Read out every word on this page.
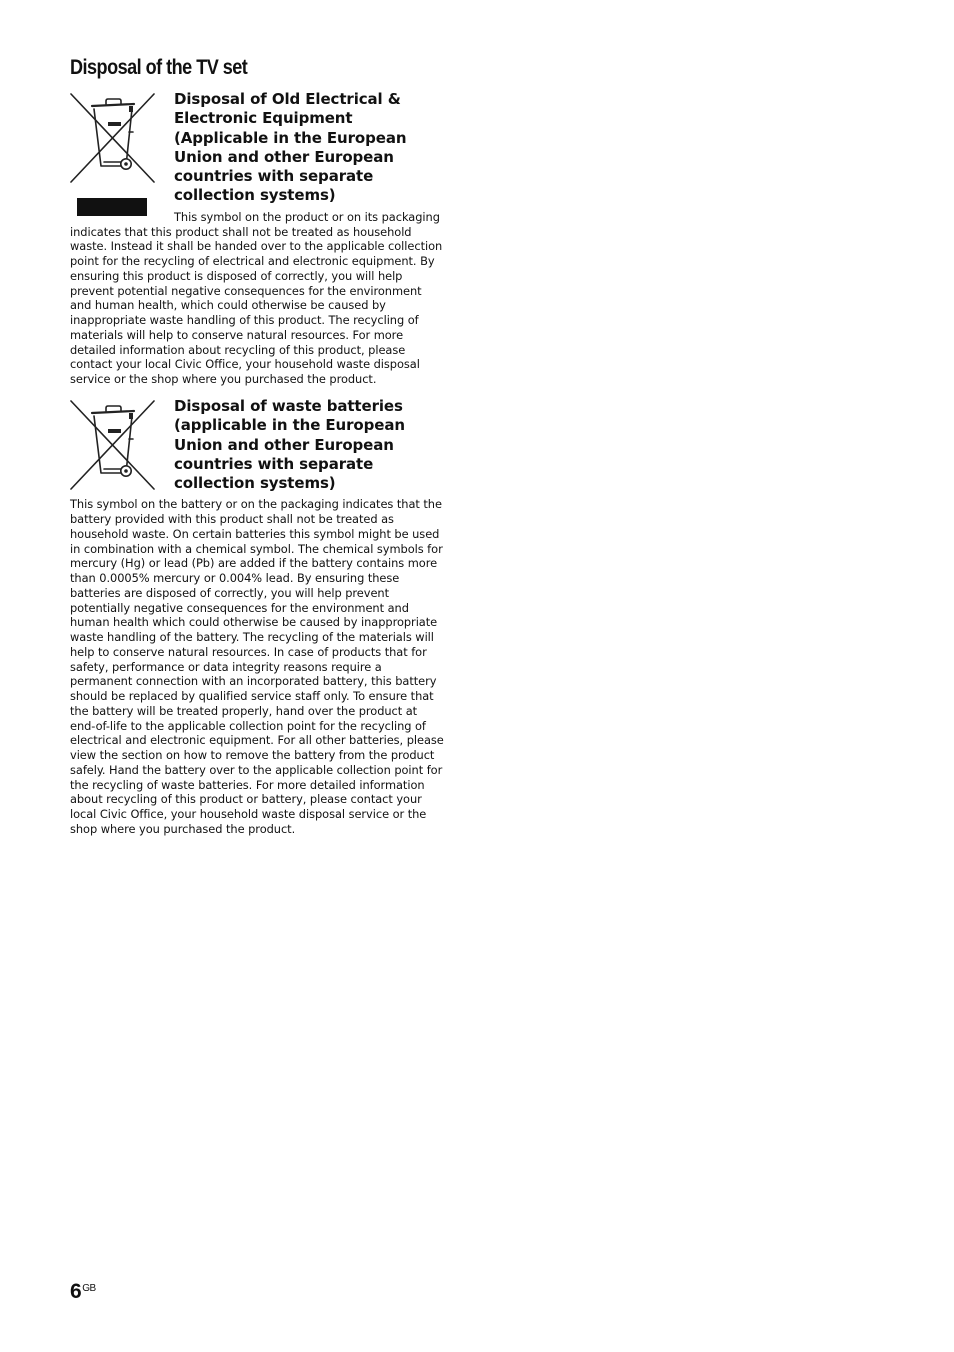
Disposal of the TV set
Disposal of Old Electrical & Electronic Equipment (Applicable in the European Union and other European countries with separate collection systems)

This symbol on the product or on its packaging indicates that this product shall not be treated as household waste. Instead it shall be handed over to the applicable collection point for the recycling of electrical and electronic equipment. By ensuring this product is disposed of correctly, you will help prevent potential negative consequences for the environment and human health, which could otherwise be caused by inappropriate waste handling of this product. The recycling of materials will help to conserve natural resources. For more detailed information about recycling of this product, please contact your local Civic Office, your household waste disposal service or the shop where you purchased the product.

Disposal of waste batteries (applicable in the European Union and other European countries with separate collection systems)

This symbol on the battery or on the packaging indicates that the battery provided with this product shall not be treated as household waste. On certain batteries this symbol might be used in combination with a chemical symbol. The chemical symbols for mercury (Hg) or lead (Pb) are added if the battery contains more than 0.0005% mercury or 0.004% lead. By ensuring these batteries are disposed of correctly, you will help prevent potentially negative consequences for the environment and human health which could otherwise be caused by inappropriate waste handling of the battery. The recycling of the materials will help to conserve natural resources. In case of products that for safety, performance or data integrity reasons require a permanent connection with an incorporated battery, this battery should be replaced by qualified service staff only. To ensure that the battery will be treated properly, hand over the product at end-of-life to the applicable collection point for the recycling of electrical and electronic equipment. For all other batteries, please view the section on how to remove the battery from the product safely. Hand the battery over to the applicable collection point for the recycling of waste batteries. For more detailed information about recycling of this product or battery, please contact your local Civic Office, your household waste disposal service or the shop where you purchased the product.

$6^{GB}$
